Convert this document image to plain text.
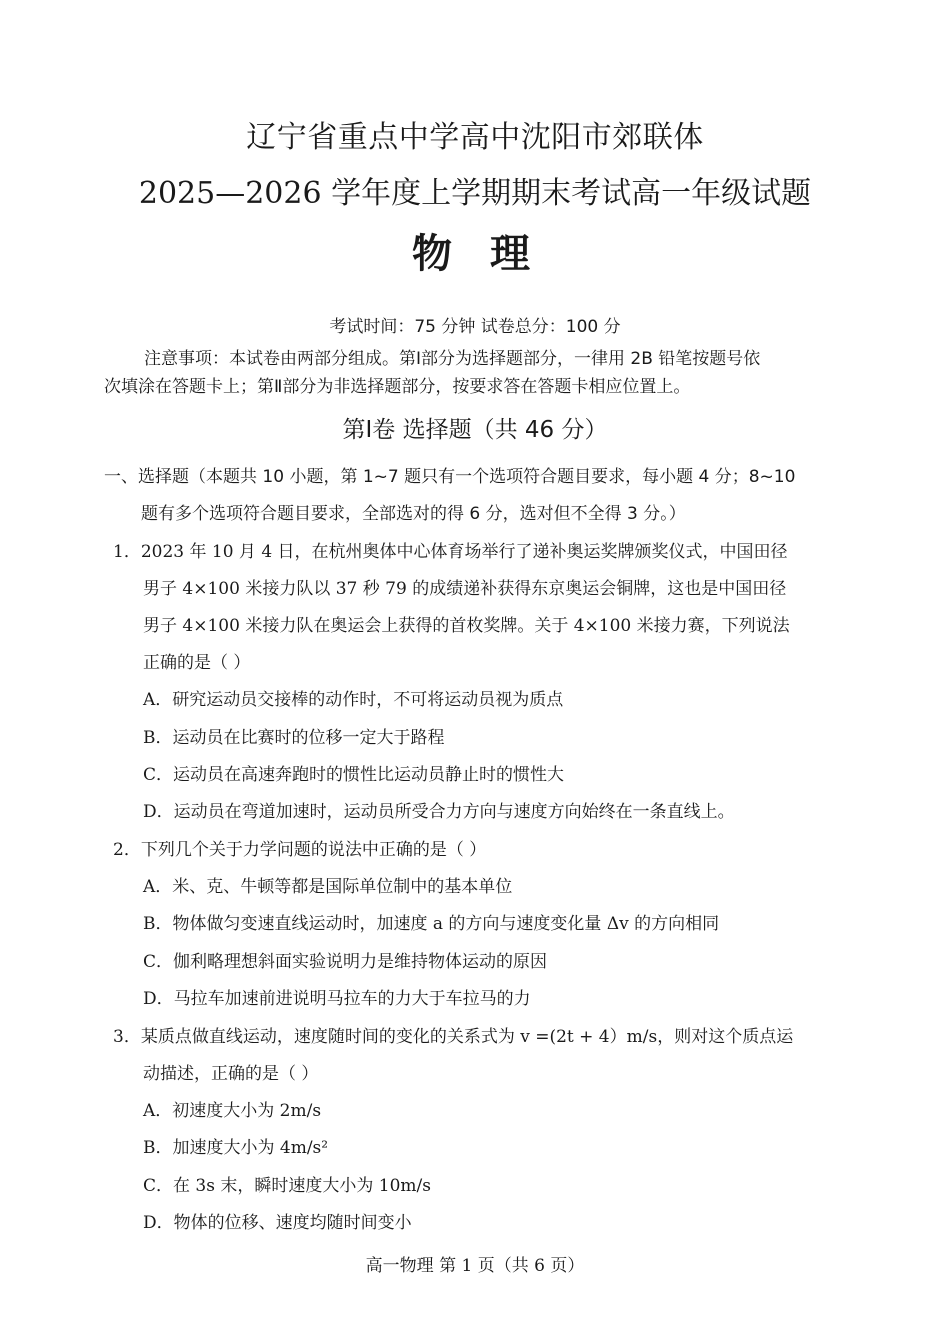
辽宁省重点中学高中沈阳市郊联体
2025—2026 学年度上学期期末考试高一年级试题
物理
考试时间：75 分钟 试卷总分：100 分
注意事项：本试卷由两部分组成。第Ⅰ部分为选择题部分，一律用 2B 铅笔按题号依
次填涂在答题卡上；第Ⅱ部分为非选择题部分，按要求答在答题卡相应位置上。
第Ⅰ卷 选择题（共 46 分）
一、选择题（本题共 10 小题，第 1~7 题只有一个选项符合题目要求，每小题 4 分；8~10
题有多个选项符合题目要求，全部选对的得 6 分，选对但不全得 3 分。）
1．2023 年 10 月 4 日，在杭州奥体中心体育场举行了递补奥运奖牌颁奖仪式，中国田径
男子 4×100 米接力队以 37 秒 79 的成绩递补获得东京奥运会铜牌，这也是中国田径
男子 4×100 米接力队在奥运会上获得的首枚奖牌。关于 4×100 米接力赛，下列说法
正确的是（ ）
A．研究运动员交接棒的动作时，不可将运动员视为质点
B．运动员在比赛时的位移一定大于路程
C．运动员在高速奔跑时的惯性比运动员静止时的惯性大
D．运动员在弯道加速时，运动员所受合力方向与速度方向始终在一条直线上。
2．下列几个关于力学问题的说法中正确的是（ ）
A．米、克、牛顿等都是国际单位制中的基本单位
B．物体做匀变速直线运动时，加速度 a 的方向与速度变化量 Δv 的方向相同
C．伽利略理想斜面实验说明力是维持物体运动的原因
D．马拉车加速前进说明马拉车的力大于车拉马的力
3．某质点做直线运动，速度随时间的变化的关系式为 v =(2t + 4）m/s，则对这个质点运
动描述，正确的是（ ）
A．初速度大小为 2m/s
B．加速度大小为 4m/s²
C．在 3s 末，瞬时速度大小为 10m/s
D．物体的位移、速度均随时间变小
高一物理 第 1 页（共 6 页）
